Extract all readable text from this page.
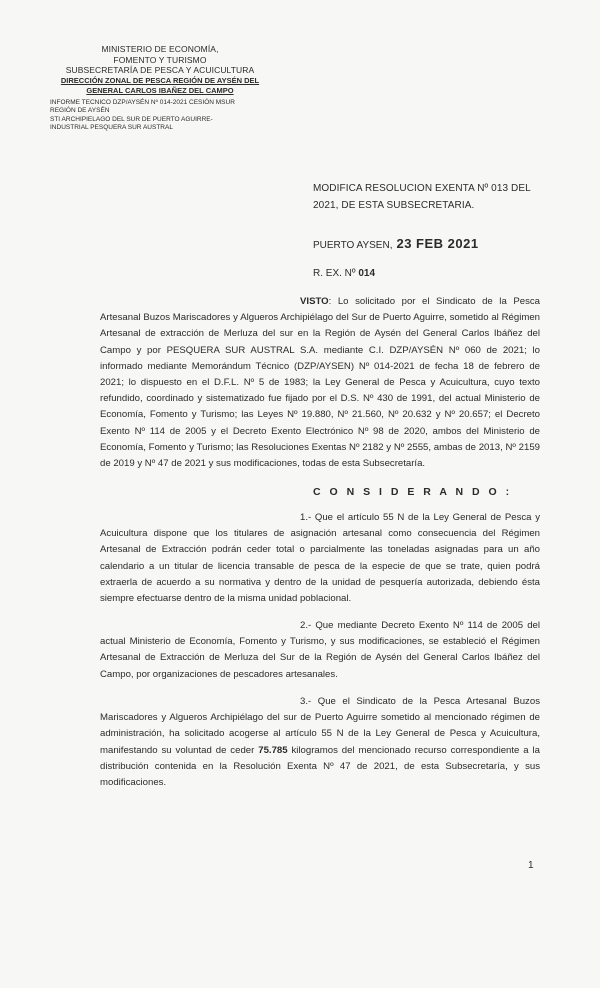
MINISTERIO DE ECONOMÍA,
FOMENTO Y TURISMO
SUBSECRETARÍA DE PESCA Y ACUICULTURA
DIRECCIÓN ZONAL DE PESCA REGIÓN DE AYSÉN DEL
GENERAL CARLOS IBAÑEZ DEL CAMPO
INFORME TECNICO DZP/AYSÉN Nº 014-2021 CESIÓN MSUR
REGIÓN DE AYSÉN
STI ARCHIPIELAGO DEL SUR DE PUERTO AGUIRRE-
INDUSTRIAL PESQUERA SUR AUSTRAL
MODIFICA RESOLUCION EXENTA Nº 013 DEL 2021, DE ESTA SUBSECRETARIA.
PUERTO AYSEN, 23 FEB 2021
R. EX. Nº 014
VISTO: Lo solicitado por el Sindicato de la Pesca Artesanal Buzos Mariscadores y Algueros Archipiélago del Sur de Puerto Aguirre, sometido al Régimen Artesanal de extracción de Merluza del sur en la Región de Aysén del General Carlos Ibáñez del Campo y por PESQUERA SUR AUSTRAL S.A. mediante C.I. DZP/AYSÉN Nº 060 de 2021; lo informado mediante Memorándum Técnico (DZP/AYSEN) Nº 014-2021 de fecha 18 de febrero de 2021; lo dispuesto en el D.F.L. Nº 5 de 1983; la Ley General de Pesca y Acuicultura, cuyo texto refundido, coordinado y sistematizado fue fijado por el D.S. Nº 430 de 1991, del actual Ministerio de Economía, Fomento y Turismo; las Leyes Nº 19.880, Nº 21.560, Nº 20.632 y Nº 20.657; el Decreto Exento Nº 114 de 2005 y el Decreto Exento Electrónico Nº 98 de 2020, ambos del Ministerio de Economía, Fomento y Turismo; las Resoluciones Exentas Nº 2182 y Nº 2555, ambas de 2013, Nº 2159 de 2019 y Nº 47 de 2021 y sus modificaciones, todas de esta Subsecretaría.
C O N S I D E R A N D O :
1.- Que el artículo 55 N de la Ley General de Pesca y Acuicultura dispone que los titulares de asignación artesanal como consecuencia del Régimen Artesanal de Extracción podrán ceder total o parcialmente las toneladas asignadas para un año calendario a un titular de licencia transable de pesca de la especie de que se trate, quien podrá extraerla de acuerdo a su normativa y dentro de la unidad de pesquería autorizada, debiendo ésta siempre efectuarse dentro de la misma unidad poblacional.
2.- Que mediante Decreto Exento Nº 114 de 2005 del actual Ministerio de Economía, Fomento y Turismo, y sus modificaciones, se estableció el Régimen Artesanal de Extracción de Merluza del Sur de la Región de Aysén del General Carlos Ibáñez del Campo, por organizaciones de pescadores artesanales.
3.- Que el Sindicato de la Pesca Artesanal Buzos Mariscadores y Algueros Archipiélago del sur de Puerto Aguirre sometido al mencionado régimen de administración, ha solicitado acogerse al artículo 55 N de la Ley General de Pesca y Acuicultura, manifestando su voluntad de ceder 75.785 kilogramos del mencionado recurso correspondiente a la distribución contenida en la Resolución Exenta Nº 47 de 2021, de esta Subsecretaría, y sus modificaciones.
1
